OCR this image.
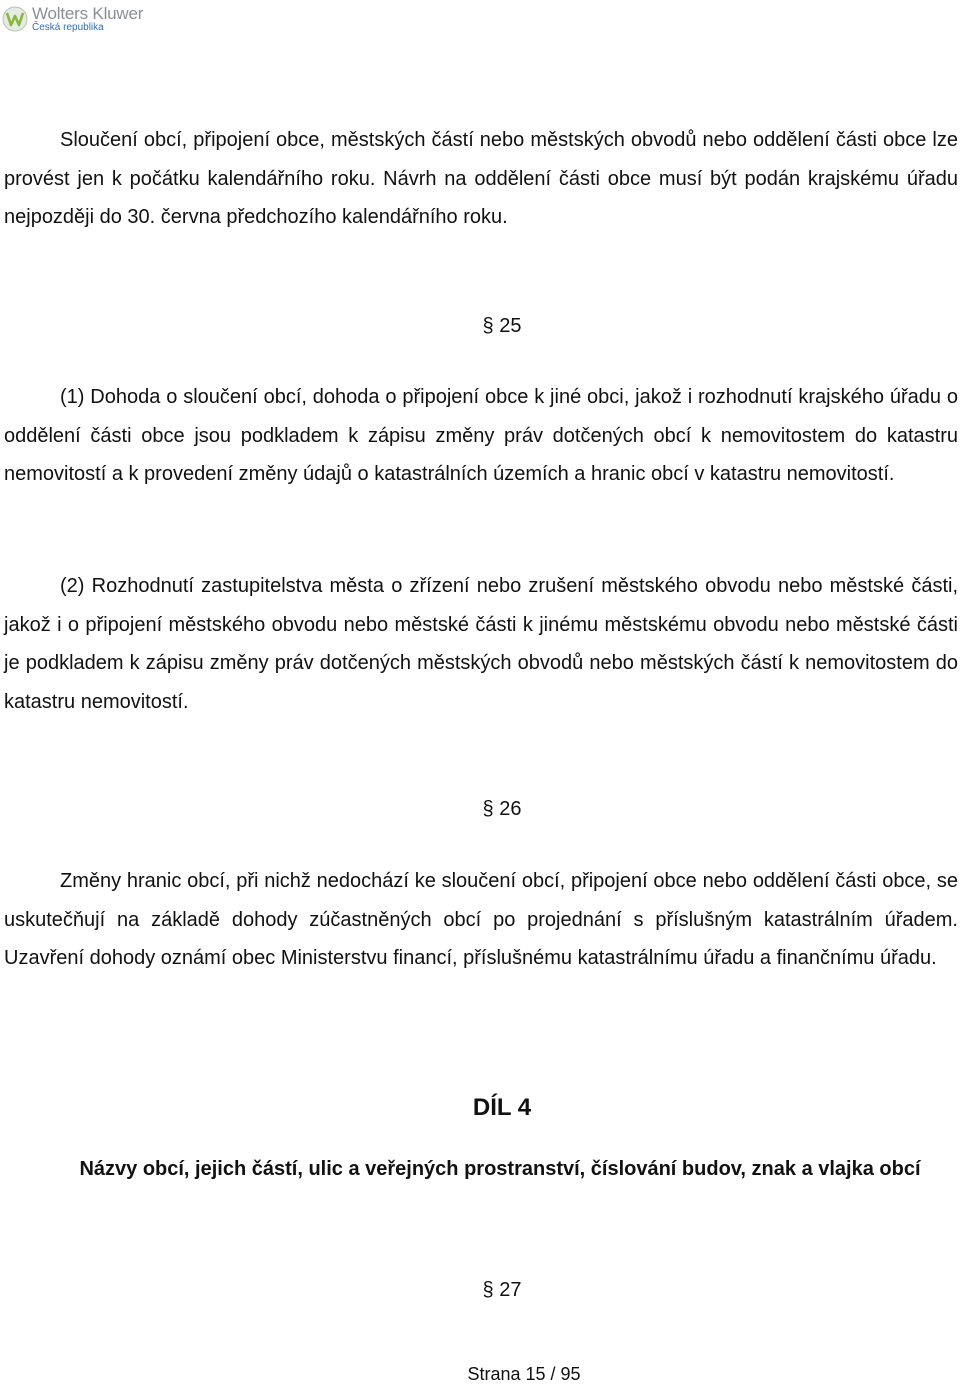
Wolters Kluwer
Česká republika

Sloučení obcí, připojení obce, městských částí nebo městských obvodů nebo oddělení části obce lze provést jen k počátku kalendářního roku. Návrh na oddělení části obce musí být podán krajskému úřadu nejpozději do 30. června předchozího kalendářního roku.

§ 25

(1) Dohoda o sloučení obcí, dohoda o připojení obce k jiné obci, jakož i rozhodnutí krajského úřadu o oddělení části obce jsou podkladem k zápisu změny práv dotčených obcí k nemovitostem do katastru nemovitostí a k provedení změny údajů o katastrálních územích a hranic obcí v katastru nemovitostí.

(2) Rozhodnutí zastupitelstva města o zřízení nebo zrušení městského obvodu nebo městské části, jakož i o připojení městského obvodu nebo městské části k jinému městskému obvodu nebo městské části je podkladem k zápisu změny práv dotčených městských obvodů nebo městských částí k nemovitostem do katastru nemovitostí.

§ 26

Změny hranic obcí, při nichž nedochází ke sloučení obcí, připojení obce nebo oddělení části obce, se uskutečňují na základě dohody zúčastněných obcí po projednání s příslušným katastrálním úřadem. Uzavření dohody oznámí obec Ministerstvu financí, příslušnému katastrálnímu úřadu a finančnímu úřadu.

DÍL 4

Názvy obcí, jejich částí, ulic a veřejných prostranství, číslování budov, znak a vlajka obcí

§ 27

Strana 15 / 95
